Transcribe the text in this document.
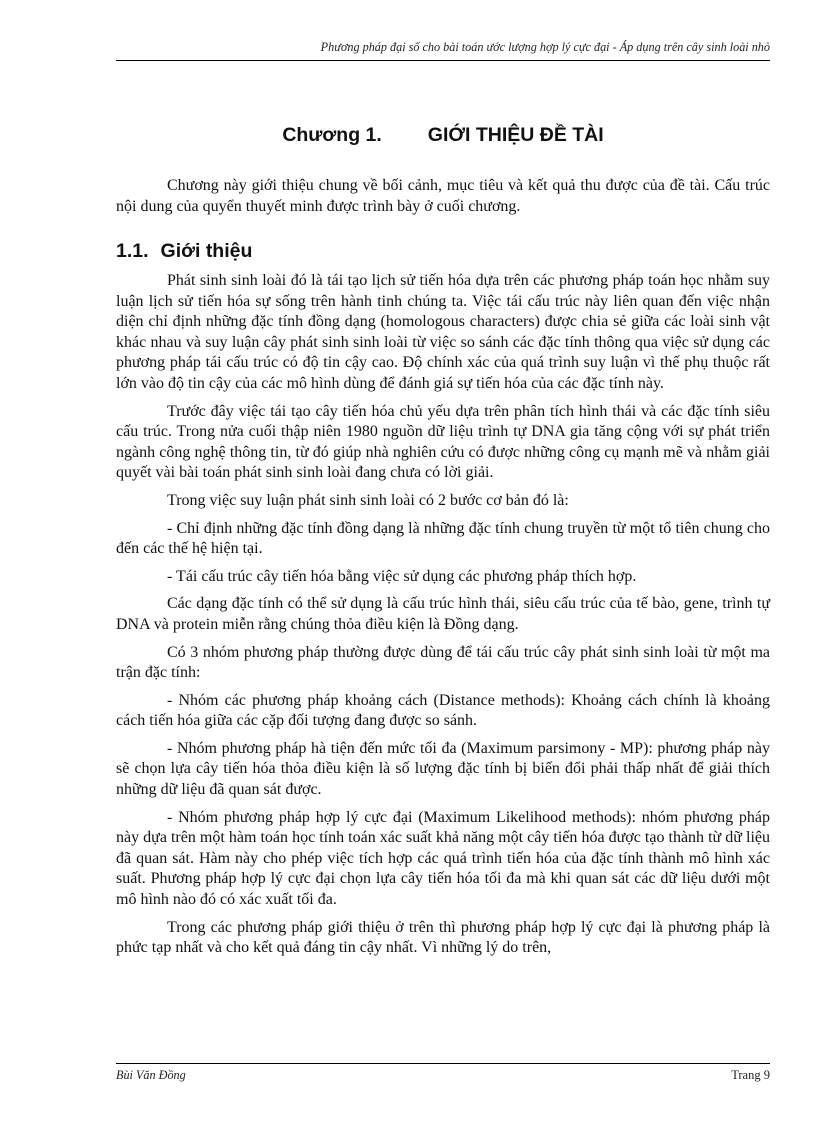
Phương pháp đại số cho bài toán ước lượng hợp lý cực đại - Áp dụng trên cây sinh loài nhỏ
Chương 1. GIỚI THIỆU ĐỀ TÀI

Chương này giới thiệu chung về bối cảnh, mục tiêu và kết quả thu được của đề tài. Cấu trúc nội dung của quyển thuyết minh được trình bày ở cuối chương.

1.1. Giới thiệu

Phát sinh sinh loài đó là tái tạo lịch sử tiến hóa dựa trên các phương pháp toán học nhằm suy luận lịch sử tiến hóa sự sống trên hành tinh chúng ta. Việc tái cấu trúc này liên quan đến việc nhận diện chỉ định những đặc tính đồng dạng (homologous characters) được chia sẻ giữa các loài sinh vật khác nhau và suy luận cây phát sinh sinh loài từ việc so sánh các đặc tính thông qua việc sử dụng các phương pháp tái cấu trúc có độ tin cậy cao. Độ chính xác của quá trình suy luận vì thế phụ thuộc rất lớn vào độ tin cậy của các mô hình dùng để đánh giá sự tiến hóa của các đặc tính này.

Trước đây việc tái tạo cây tiến hóa chủ yếu dựa trên phân tích hình thái và các đặc tính siêu cấu trúc. Trong nửa cuối thập niên 1980 nguồn dữ liệu trình tự DNA gia tăng cộng với sự phát triển ngành công nghệ thông tin, từ đó giúp nhà nghiên cứu có được những công cụ mạnh mẽ và nhằm giải quyết vài bài toán phát sinh sinh loài đang chưa có lời giải.

Trong việc suy luận phát sinh sinh loài có 2 bước cơ bản đó là:

- Chỉ định những đặc tính đồng dạng là những đặc tính chung truyền từ một tổ tiên chung cho đến các thế hệ hiện tại.

- Tái cấu trúc cây tiến hóa bằng việc sử dụng các phương pháp thích hợp.

Các dạng đặc tính có thể sử dụng là cấu trúc hình thái, siêu cấu trúc của tế bào, gene, trình tự DNA và protein miễn rằng chúng thỏa điều kiện là Đồng dạng.

Có 3 nhóm phương pháp thường được dùng để tái cấu trúc cây phát sinh sinh loài từ một ma trận đặc tính:

- Nhóm các phương pháp khoảng cách (Distance methods): Khoảng cách chính là khoảng cách tiến hóa giữa các cặp đối tượng đang được so sánh.

- Nhóm phương pháp hà tiện đến mức tối đa (Maximum parsimony - MP): phương pháp này sẽ chọn lựa cây tiến hóa thỏa điều kiện là số lượng đặc tính bị biến đổi phải thấp nhất để giải thích những dữ liệu đã quan sát được.

- Nhóm phương pháp hợp lý cực đại (Maximum Likelihood methods): nhóm phương pháp này dựa trên một hàm toán học tính toán xác suất khả năng một cây tiến hóa được tạo thành từ dữ liệu đã quan sát. Hàm này cho phép việc tích hợp các quá trình tiến hóa của đặc tính thành mô hình xác suất. Phương pháp hợp lý cực đại chọn lựa cây tiến hóa tối đa mà khi quan sát các dữ liệu dưới một mô hình nào đó có xác xuất tối đa.

Trong các phương pháp giới thiệu ở trên thì phương pháp hợp lý cực đại là phương pháp là phức tạp nhất và cho kết quả đáng tin cậy nhất. Vì những lý do trên,

Bùi Văn Đồng	Trang 9
